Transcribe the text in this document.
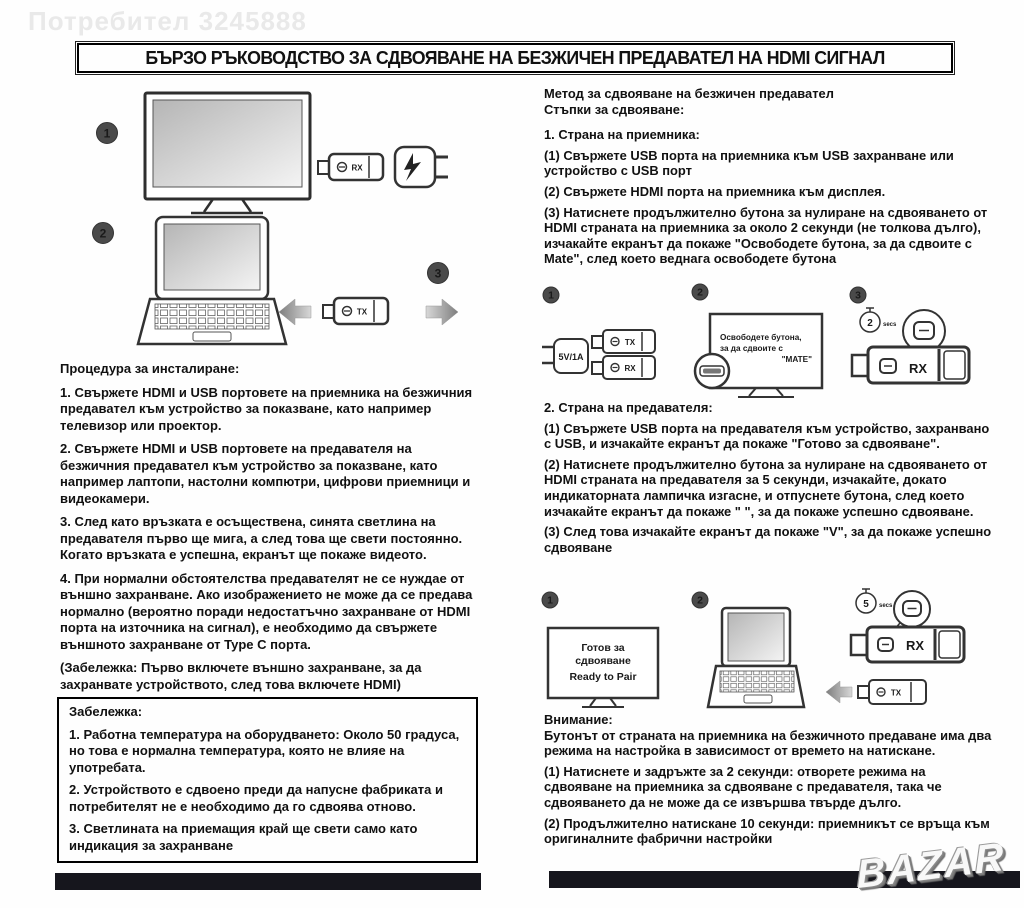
Потребител 3245888
БЪРЗО РЪКОВОДСТВО ЗА СДВОЯВАНЕ НА БЕЗЖИЧЕН ПРЕДАВАТЕЛ НА HDMI СИГНАЛ
1
RX
2
TX
3

Процедура за инсталиране:

1. Свържете HDMI и USB портовете на приемника на безжичния предавател към устройство за показване, като например телевизор или проектор.

2. Свържете HDMI и USB портовете на предавателя на безжичния предавател към устройство за показване, като например лаптопи, настолни компютри, цифрови приемници и видеокамери.

3. След като връзката е осъществена, синята светлина на предавателя първо ще мига, а след това ще свети постоянно. Когато връзката е успешна, екранът ще покаже видеото.

4. При нормални обстоятелства предавателят не се нуждае от външно захранване. Ако изображението не може да се предава нормално (вероятно поради недостатъчно захранване от HDMI порта на източника на сигнал), е необходимо да свържете външното захранване от Type C порта.

(Забележка: Първо включете външно захранване, за да захранвате устройството, след това включете HDMI)

Забележка:

1. Работна температура на оборудването: Около 50 градуса, но това е нормална температура, която не влияе на употребата.

2. Устройството е сдвоено преди да напусне фабриката и потребителят не е необходимо да го сдвоява отново.

3. Светлината на приемащия край ще свети само като индикация за захранване

Метод за сдвояване на безжичен предавател

Стъпки за сдвояване:

1. Страна на приемника:

(1) Свържете USB порта на приемника към USB захранване или устройство с USB порт

(2) Свържете HDMI порта на приемника към дисплея.

(3) Натиснете продължително бутона за нулиране на сдвояването от HDMI страната на приемника за около 2 секунди (не толкова дълго), изчакайте екранът да покаже "Освободете бутона, за да сдвоите с Mate", след което веднага освободете бутона

1
5V/1A
TX
RX
2
Освободете бутона,
за да сдвоите с
"MATE"
3
2 secs
RX

2. Страна на предавателя:

(1) Свържете USB порта на предавателя към устройство, захранвано с USB, и изчакайте екранът да покаже "Готово за сдвояване".

(2) Натиснете продължително бутона за нулиране на сдвояването от HDMI страната на предавателя за 5 секунди, изчакайте, докато индикаторната лампичка изгасне, и отпуснете бутона, след което изчакайте екранът да покаже " ", за да покаже успешно сдвояване.

(3) След това изчакайте екранът да покаже "V", за да покаже успешно сдвояване

1
Готов за
сдвояване
Ready to Pair
2	5 secs
RX
TX

Внимание:

Бутонът от страната на приемника на безжичното предаване има два режима на настройка в зависимост от времето на натискане.

(1) Натиснете и задръжте за 2 секунди: отворете режима на сдвояване на приемника за сдвояване с предавателя, така че сдвояването да не може да се извършва твърде дълго.

(2) Продължително натискане 10 секунди: приемникът се връща към оригиналните фабрични настройки	BAZAR
